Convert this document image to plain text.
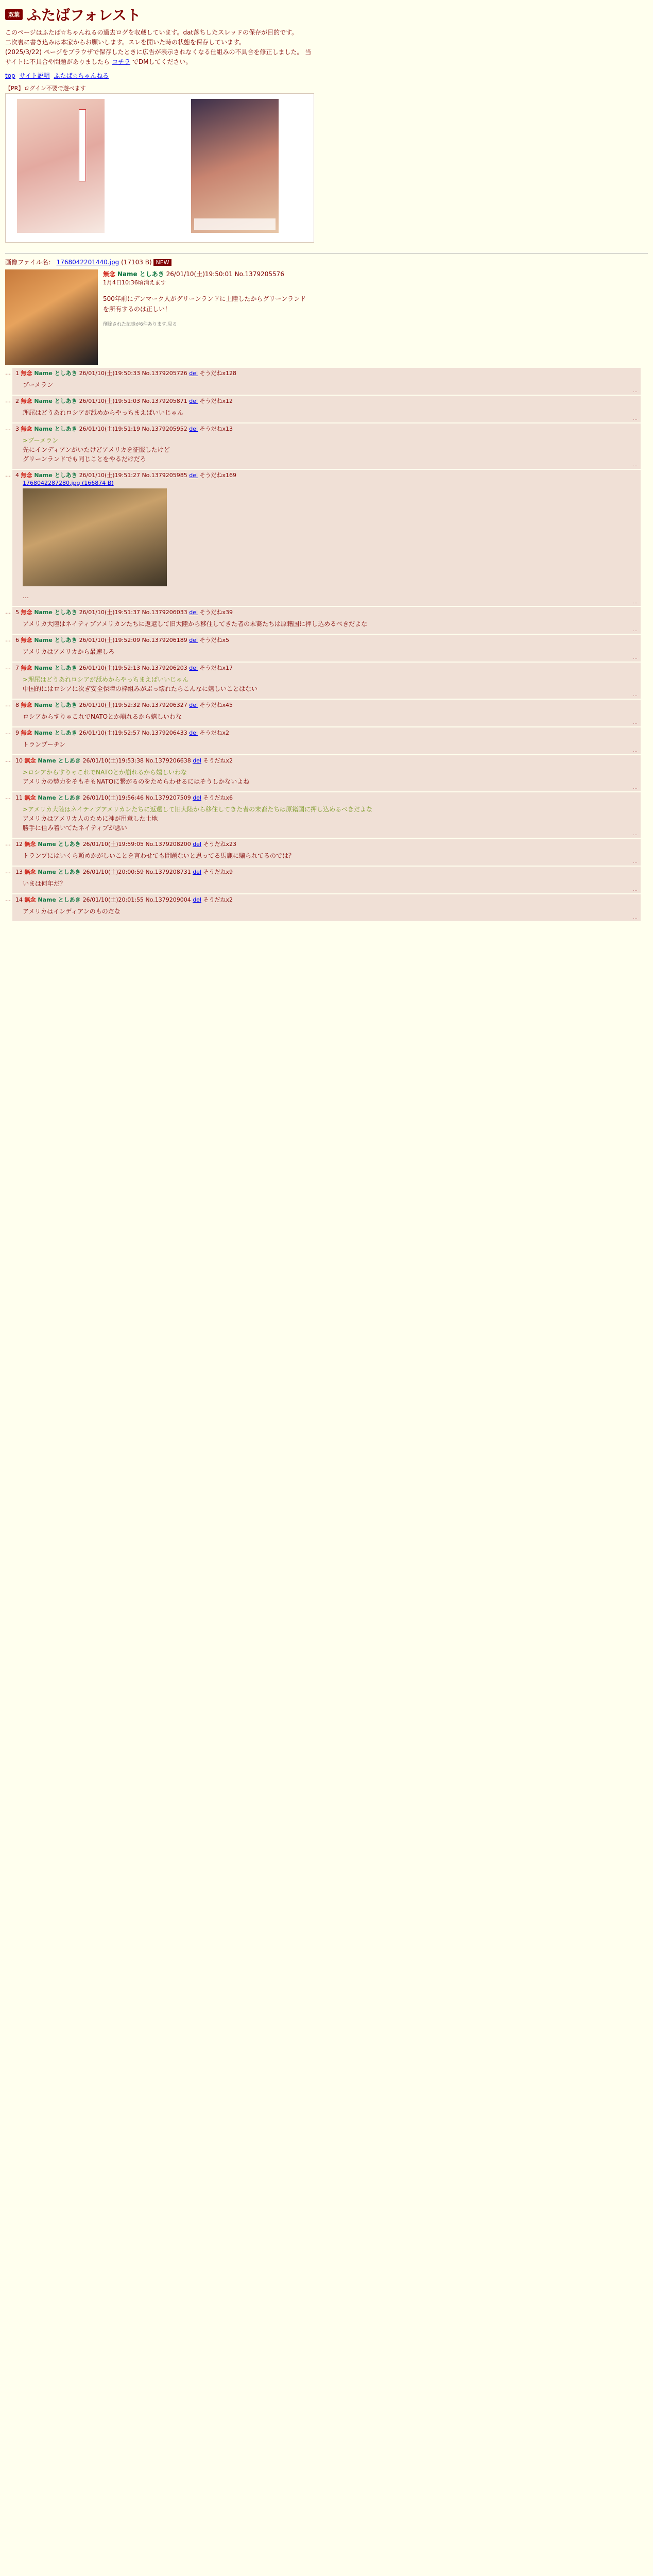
双葉 ふたばフォレスト
このページはふたば☆ちゃんねるの過去ログを収蔵しています。dat落ちしたスレッドの保存が目的です。
二次裏に書き込みは本家からお願いします。スレを開いた時の状態を保存しています。
(2025/3/22) ページをブラウザで保存したときに広告が表示されなくなる仕組みの不具合を修正しました。 当サイトに不具合や問題がありましたら コチラ でDMしてください。
top サイト説明 ふたば☆ちゃんねる
【PR】ログイン不要で遊べます
画像ファイル名： 1768042201440.jpg (17103 B) NEW
無念 Name としあき 26/01/10(土)19:50:01 No.1379205576
1月4日10:36頃消えます
500年前にデンマーク人がグリーンランドに上陸したからグリーンランド
を所有するのは正しい！
削除された記事が6件あります.見る
… 1 無念 Name としあき 26/01/10(土)19:50:33 No.1379205726 del そうだねx128
ブーメラン
…
… 2 無念 Name としあき 26/01/10(土)19:51:03 No.1379205871 del そうだねx12
理屈はどうあれロシアが舐めからやっちまえばいいじゃん
…
… 3 無念 Name としあき 26/01/10(土)19:51:19 No.1379205952 del そうだねx13
>ブーメラン
先にインディアンがいたけどアメリカを征服したけど
グリーンランドでも同じことをやるだけだろ
…
… 4 無念 Name としあき 26/01/10(土)19:51:27 No.1379205985 del そうだねx169
1768042287280.jpg (166874 B)
…
…
… 5 無念 Name としあき 26/01/10(土)19:51:37 No.1379206033 del そうだねx39
アメリカ大陸はネイティブアメリカンたちに返還して旧大陸から移住してきた者の末裔たちは原籍国に押し込めるべきだよな
…
… 6 無念 Name としあき 26/01/10(土)19:52:09 No.1379206189 del そうだねx5
アメリカはアメリカから最速しろ
…
… 7 無念 Name としあき 26/01/10(土)19:52:13 No.1379206203 del そうだねx17
>理屈はどうあれロシアが舐めからやっちまえばいいじゃん
中国的にはロシアに次ぎ安全保障の枠組みがぶっ壊れたらこんなに嬉しいことはない
…
… 8 無念 Name としあき 26/01/10(土)19:52:32 No.1379206327 del そうだねx45
ロシアからすりゃこれでNATOとか崩れるから嬉しいわな
…
… 9 無念 Name としあき 26/01/10(土)19:52:57 No.1379206433 del そうだねx2
トランプーチン
…
… 10 無念 Name としあき 26/01/10(土)19:53:38 No.1379206638 del そうだねx2
>ロシアからすりゃこれでNATOとか崩れるから嬉しいわな
アメリカの勢力をそもそもNATOに繋がるのをためらわせるにはそうしかないよね
…
… 11 無念 Name としあき 26/01/10(土)19:56:46 No.1379207509 del そうだねx6
>アメリカ大陸はネイティブアメリカンたちに返還して旧大陸から移住してきた者の末裔たちは原籍国に押し込めるべきだよな
アメリカはアメリカ人のために神が用意した土地
勝手に住み着いてたネイティブが悪い
…
… 12 無念 Name としあき 26/01/10(土)19:59:05 No.1379208200 del そうだねx23
トランプにはいくら頼めかがしいことを言わせても問題ないと思ってる馬鹿に騙られてるのでは？
…
… 13 無念 Name としあき 26/01/10(土)20:00:59 No.1379208731 del そうだねx9
いまは何年だ？
…
… 14 無念 Name としあき 26/01/10(土)20:01:55 No.1379209004 del そうだねx2
アメリカはインディアンのものだな
…
